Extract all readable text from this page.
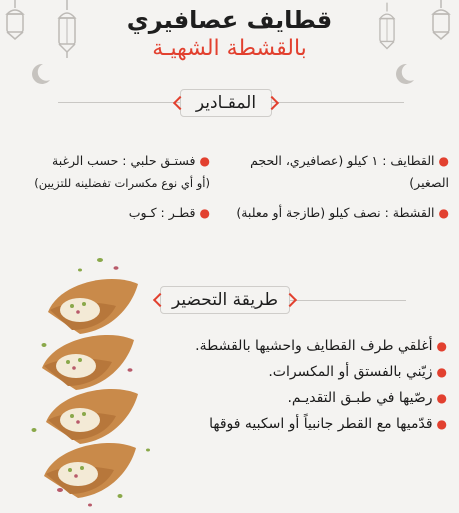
قطايف عصافيري
بالقشطة الشهيـة
المقـادير
●القطايف : ١ كيلو (عصافيري، الحجم
الصغير)
●القشطة : نصف كيلو (طازجة أو معلبة)
●فستـق حلبي : حسب الرغبة
(أو أي نوع مكسرات تفضلينه للتزيين)
●قطـر : كـوب
طريقة التحضير
●أغلقي طرف القطايف واحشيها بالقشطة.
●زيّني بالفستق أو المكسرات.
●رصّيها في طبـق التقديـم.
●قدّميها مع القطر جانبياً أو اسكبيه فوقها
